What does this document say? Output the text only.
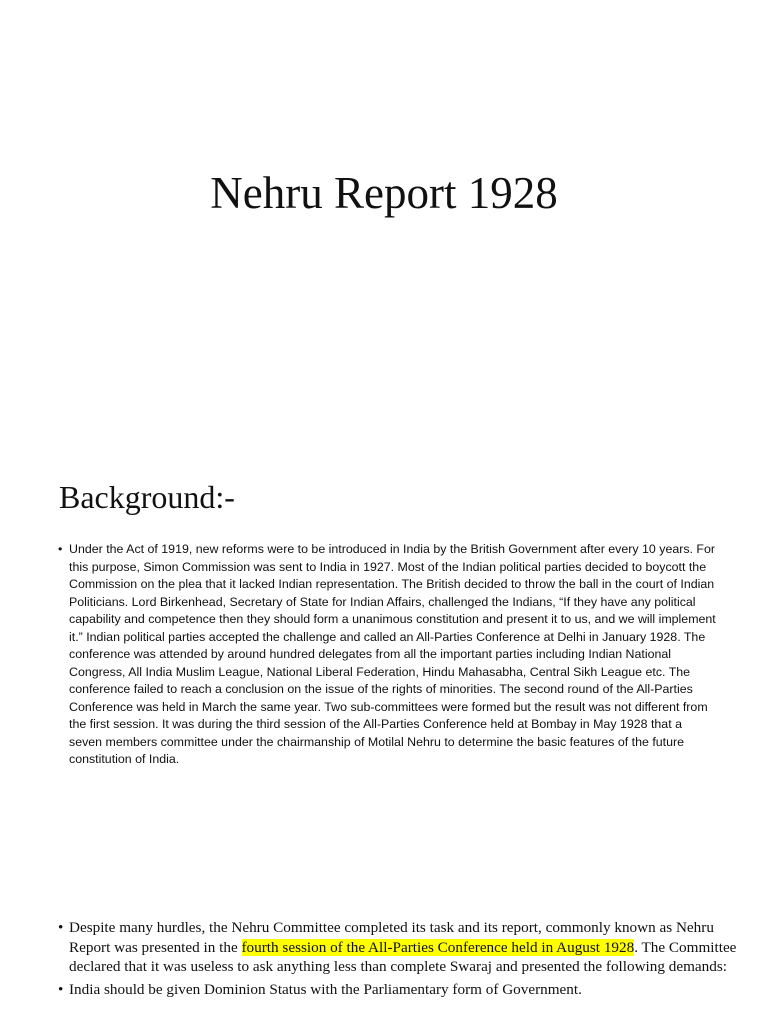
Nehru Report 1928
Background:-
• Under the Act of 1919, new reforms were to be introduced in India by the British Government after every 10 years. For this purpose, Simon Commission was sent to India in 1927. Most of the Indian political parties decided to boycott the Commission on the plea that it lacked Indian representation. The British decided to throw the ball in the court of Indian Politicians. Lord Birkenhead, Secretary of State for Indian Affairs, challenged the Indians, “If they have any political capability and competence then they should form a unanimous constitution and present it to us, and we will implement it.” Indian political parties accepted the challenge and called an All-Parties Conference at Delhi in January 1928. The conference was attended by around hundred delegates from all the important parties including Indian National Congress, All India Muslim League, National Liberal Federation, Hindu Mahasabha, Central Sikh League etc. The conference failed to reach a conclusion on the issue of the rights of minorities. The second round of the All-Parties Conference was held in March the same year. Two sub-committees were formed but the result was not different from the first session. It was during the third session of the All-Parties Conference held at Bombay in May 1928 that a seven members committee under the chairmanship of Motilal Nehru to determine the basic features of the future constitution of India.
• Despite many hurdles, the Nehru Committee completed its task and its report, commonly known as Nehru Report was presented in the fourth session of the All-Parties Conference held in August 1928. The Committee declared that it was useless to ask anything less than complete Swaraj and presented the following demands:
• India should be given Dominion Status with the Parliamentary form of Government.
